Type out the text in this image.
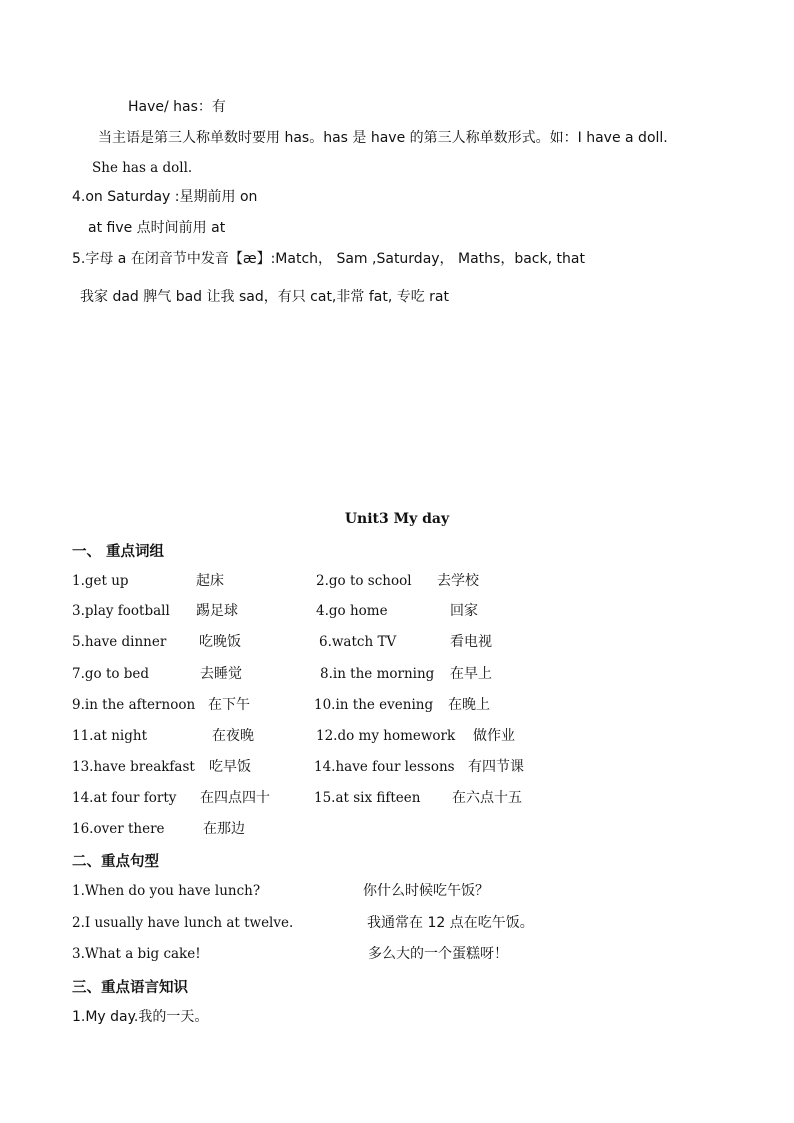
Have/ has：有
当主语是第三人称单数时要用 has。has 是 have 的第三人称单数形式。如：I have a doll.
She has a doll.
4.on Saturday :星期前用 on
at five 点时间前用 at
5.字母 a 在闭音节中发音【æ】:Match， Sam ,Saturday， Maths，back, that
我家 dad 脾气 bad 让我 sad，有只 cat,非常 fat, 专吃 rat
Unit3 My day
一、 重点词组
1.get up	起床	2.go to school 去学校
3.play football 踢足球	4.go home	回家
5.have dinner 吃晚饭	6.watch TV	看电视
7.go to bed	去睡觉	8.in the morning 在早上
9.in the afternoon 在下午	10.in the evening 在晚上
11.at night	在夜晚	12.do my homework 做作业
13.have breakfast 吃早饭	14.have four lessons 有四节课
14.at four forty 在四点四十	15.at six fifteen 在六点十五
16.over there	在那边
二、重点句型
1.When do you have lunch?	你什么时候吃午饭？
2.I usually have lunch at twelve.	我通常在 12 点在吃午饭。
3.What a big cake!	多么大的一个蛋糕呀！
三、重点语言知识
1.My day.我的一天。
